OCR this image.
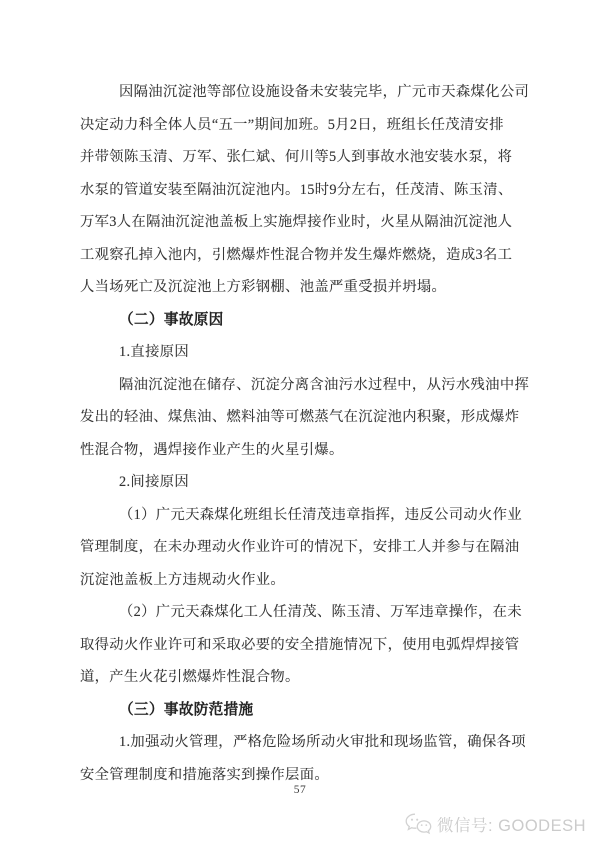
因隔油沉淀池等部位设施设备未安装完毕，广元市天森煤化公司
决定动力科全体人员“五一”期间加班。5月2日，班组长任茂清安排
并带领陈玉清、万军、张仁斌、何川等5人到事故水池安装水泵，将
水泵的管道安装至隔油沉淀池内。15时9分左右，任茂清、陈玉清、
万军3人在隔油沉淀池盖板上实施焊接作业时，火星从隔油沉淀池人
工观察孔掉入池内，引燃爆炸性混合物并发生爆炸燃烧，造成3名工
人当场死亡及沉淀池上方彩钢棚、池盖严重受损并坍塌。
（二）事故原因
1.直接原因
隔油沉淀池在储存、沉淀分离含油污水过程中，从污水残油中挥
发出的轻油、煤焦油、燃料油等可燃蒸气在沉淀池内积聚，形成爆炸
性混合物，遇焊接作业产生的火星引爆。
2.间接原因
（1）广元天森煤化班组长任清茂违章指挥，违反公司动火作业
管理制度，在未办理动火作业许可的情况下，安排工人并参与在隔油
沉淀池盖板上方违规动火作业。
（2）广元天森煤化工人任清茂、陈玉清、万军违章操作，在未
取得动火作业许可和采取必要的安全措施情况下，使用电弧焊焊接管
道，产生火花引燃爆炸性混合物。
（三）事故防范措施
1.加强动火管理，严格危险场所动火审批和现场监管，确保各项
安全管理制度和措施落实到操作层面。
57
微信号: GOODESH
